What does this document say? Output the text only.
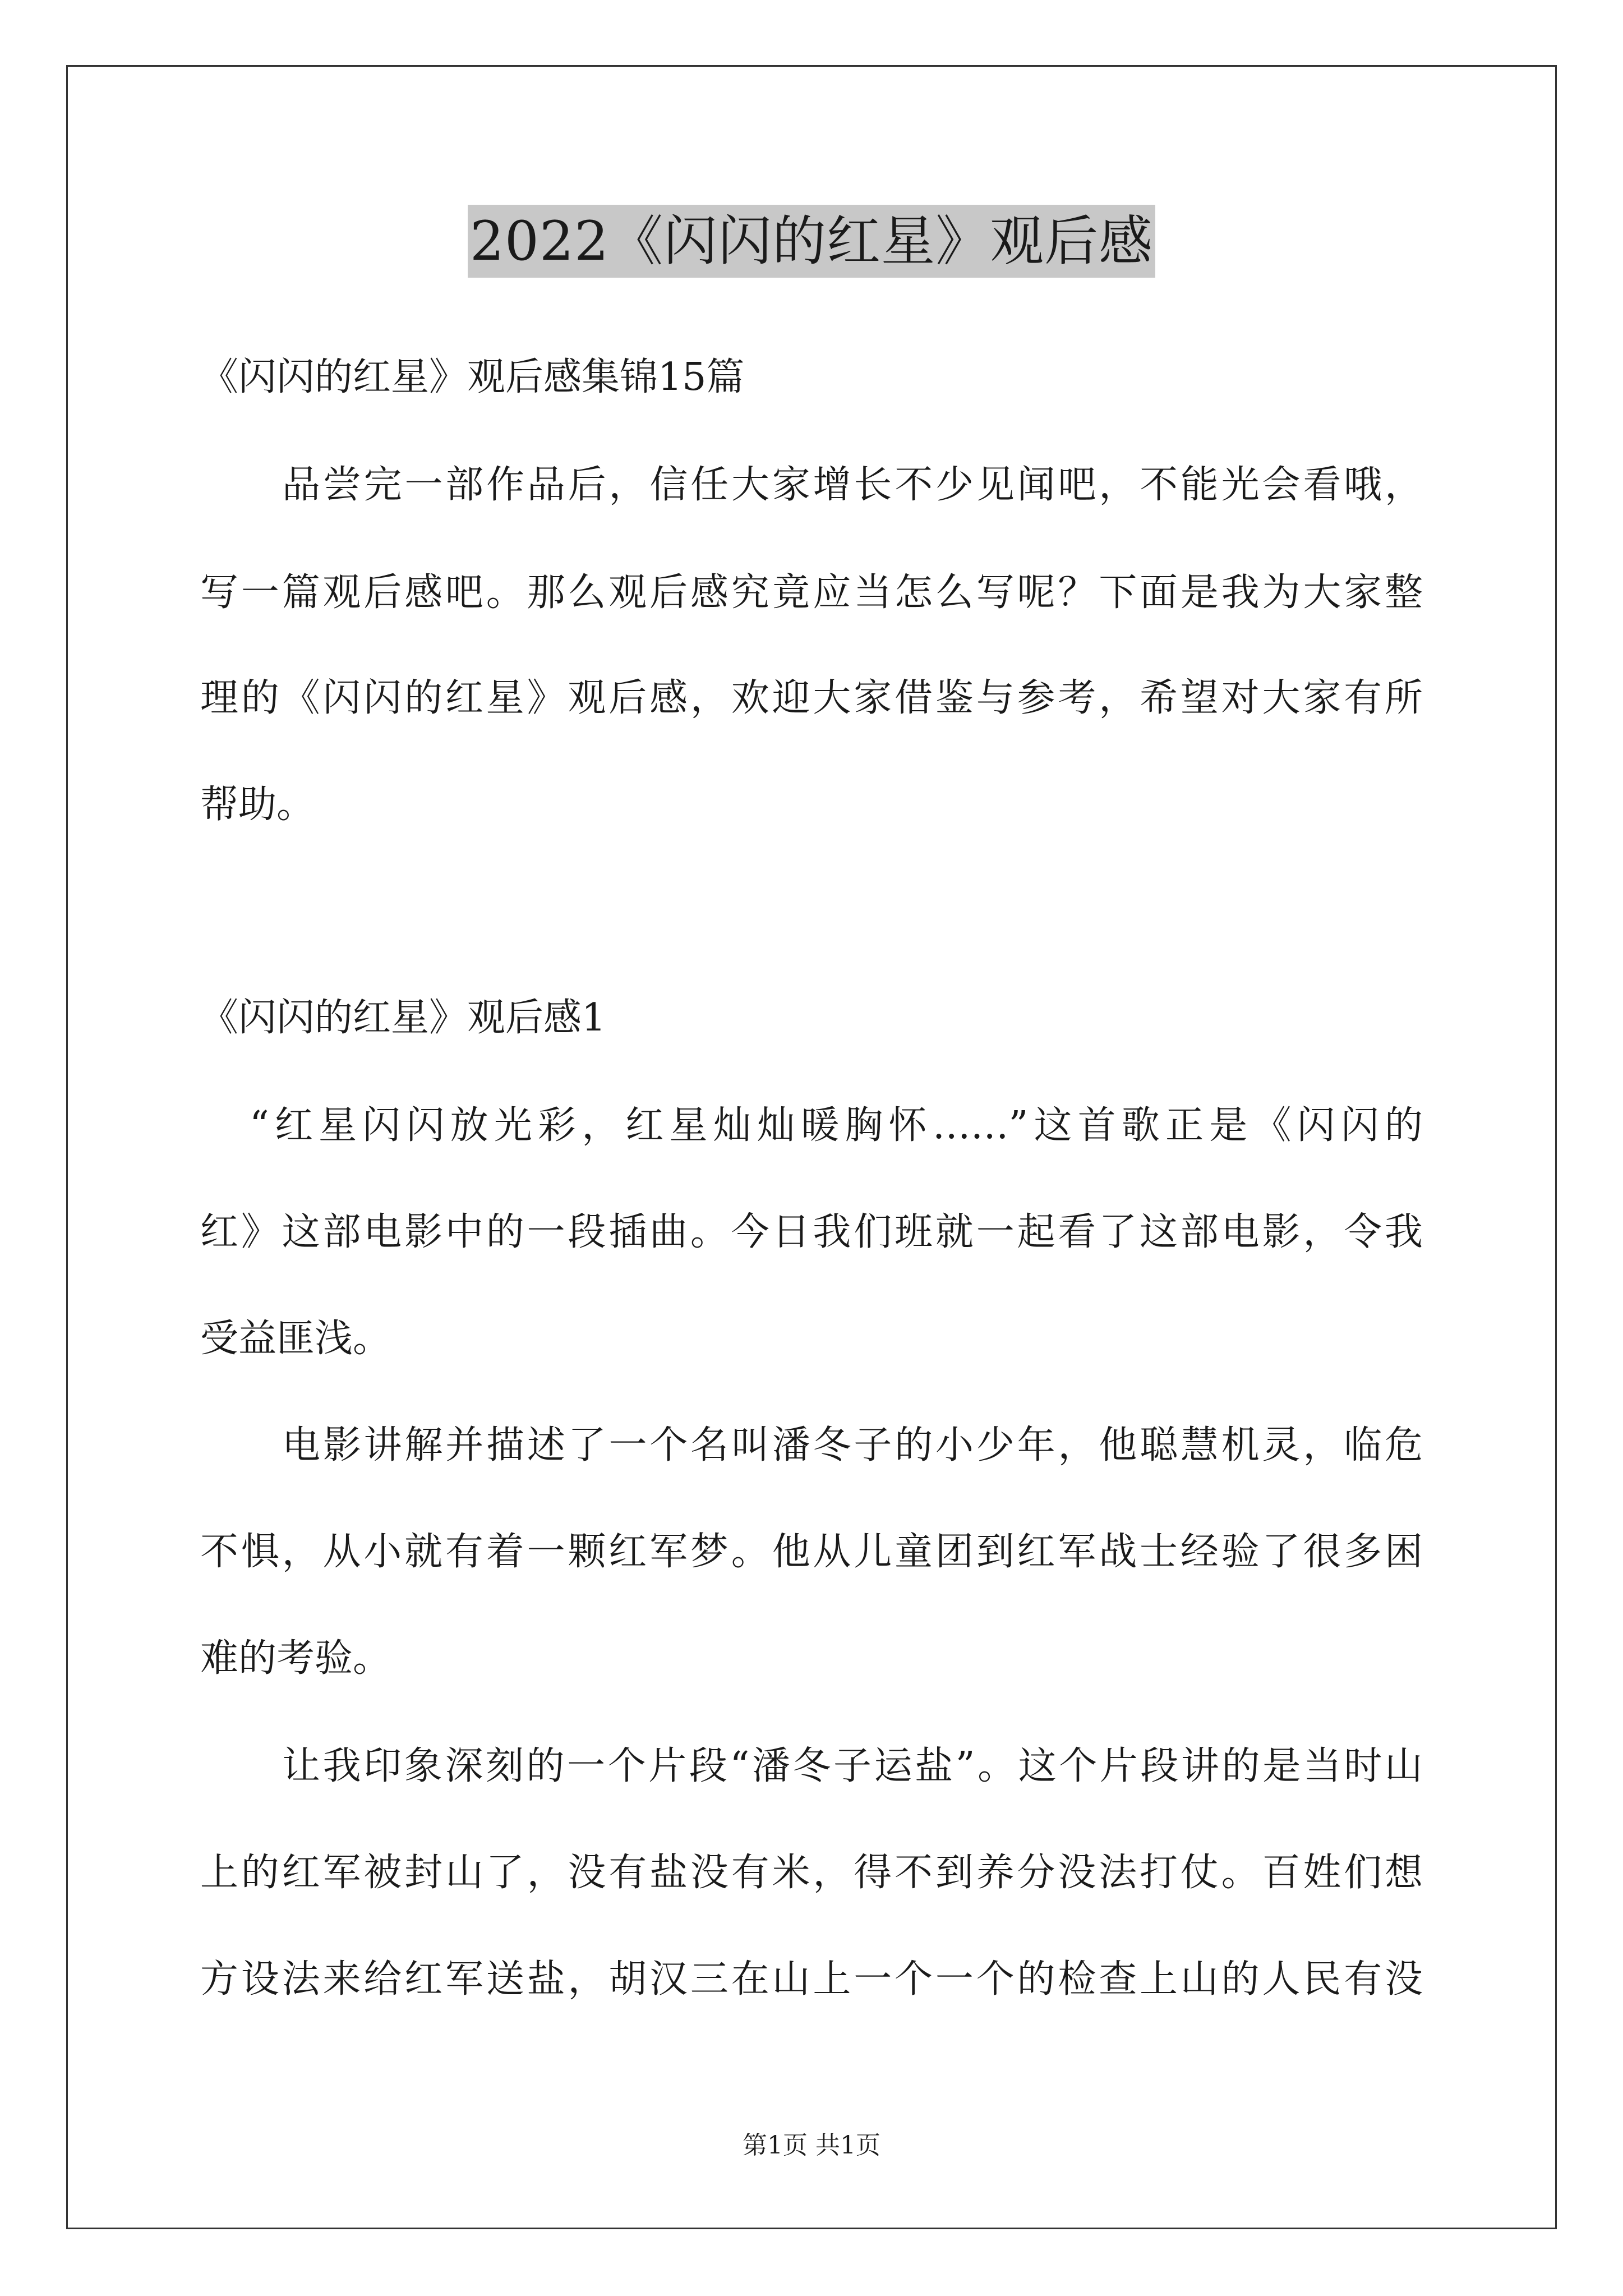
2022《闪闪的红星》观后感
《闪闪的红星》观后感集锦15篇
品尝完一部作品后，信任大家增长不少见闻吧，不能光会看哦，
写一篇观后感吧。那么观后感究竟应当怎么写呢？下面是我为大家整
理的《闪闪的红星》观后感，欢迎大家借鉴与参考，希望对大家有所
帮助。
《闪闪的红星》观后感1
“红星闪闪放光彩，红星灿灿暖胸怀……”这首歌正是《闪闪的
红》这部电影中的一段插曲。今日我们班就一起看了这部电影，令我
受益匪浅。
电影讲解并描述了一个名叫潘冬子的小少年，他聪慧机灵，临危
不惧，从小就有着一颗红军梦。他从儿童团到红军战士经验了很多困
难的考验。
让我印象深刻的一个片段“潘冬子运盐”。这个片段讲的是当时山
上的红军被封山了，没有盐没有米，得不到养分没法打仗。百姓们想
方设法来给红军送盐，胡汉三在山上一个一个的检查上山的人民有没
第1页 共1页
